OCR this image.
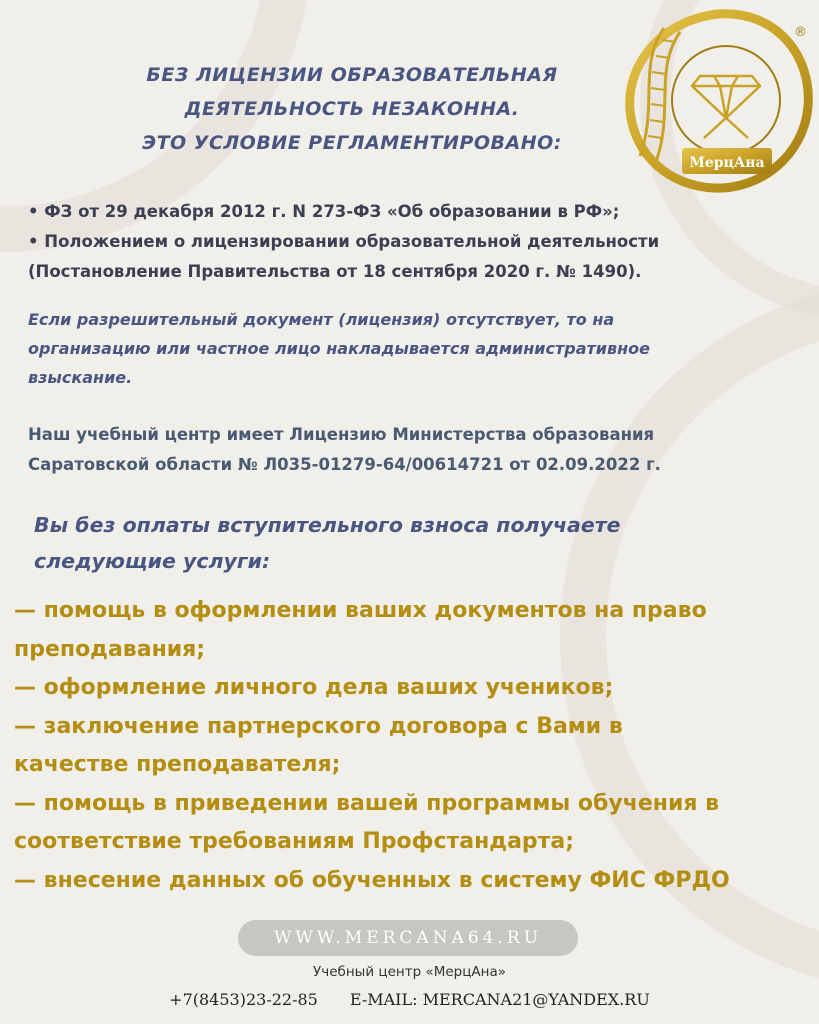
БЕЗ ЛИЦЕНЗИИ ОБРАЗОВАТЕЛЬНАЯ
ДЕЯТЕЛЬНОСТЬ НЕЗАКОННА.
ЭТО УСЛОВИЕ РЕГЛАМЕНТИРОВАНО:
МерцАна
®
• ФЗ от 29 декабря 2012 г. N 273-ФЗ «Об образовании в РФ»;
• Положением о лицензировании образовательной деятельности
(Постановление Правительства от 18 сентября 2020 г. № 1490).
Если разрешительный документ (лицензия) отсутствует, то на
организацию или частное лицо накладывается административное
взыскание.
Наш учебный центр имеет Лицензию Министерства образования
Саратовской области № Л035-01279-64/00614721 от 02.09.2022 г.
Вы без оплаты вступительного взноса получаете
следующие услуги:
— помощь в оформлении ваших документов на право
преподавания;
— оформление личного дела ваших учеников;
— заключение партнерского договора с Вами в
качестве преподавателя;
— помощь в приведении вашей программы обучения в
соответствие требованиям Профстандарта;
— внесение данных об обученных в систему ФИС ФРДО
WWW.MERCANA64.RU
Учебный центр «МерцАна»
+7(8453)23-22-85 E-MAIL: MERCANA21@YANDEX.RU
